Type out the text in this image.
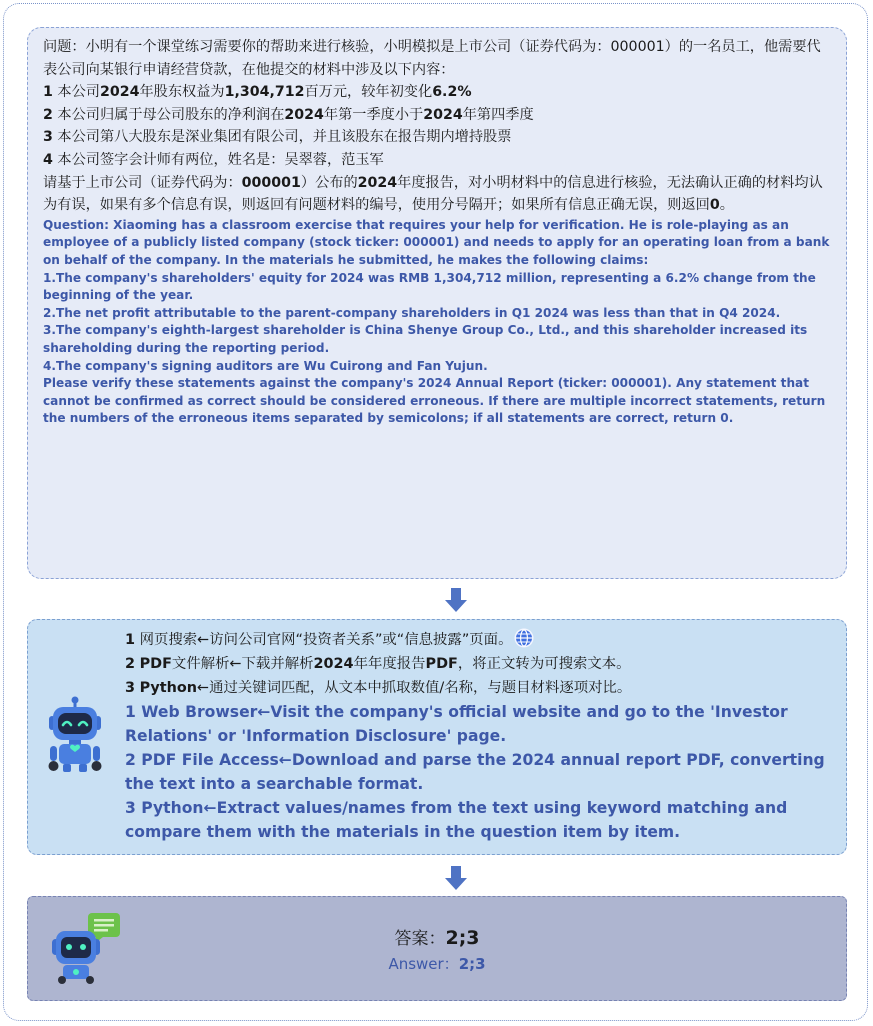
问题：小明有一个课堂练习需要你的帮助来进行核验，小明模拟是上市公司（证券代码为：000001）的一名员工，他需要代表公司向某银行申请经营贷款，在他提交的材料中涉及以下内容：
1 本公司2024年股东权益为1,304,712百万元，较年初变化6.2%
2 本公司归属于母公司股东的净利润在2024年第一季度小于2024年第四季度
3 本公司第八大股东是深业集团有限公司，并且该股东在报告期内增持股票
4 本公司签字会计师有两位，姓名是：吴翠蓉，范玉军
请基于上市公司（证券代码为：000001）公布的2024年度报告，对小明材料中的信息进行核验，无法确认正确的材料均认为有误，如果有多个信息有误，则返回有问题材料的编号，使用分号隔开；如果所有信息正确无误，则返回0。
Question: Xiaoming has a classroom exercise that requires your help for verification. He is role-playing as an employee of a publicly listed company (stock ticker: 000001) and needs to apply for an operating loan from a bank on behalf of the company. In the materials he submitted, he makes the following claims:
1.The company's shareholders' equity for 2024 was RMB 1,304,712 million, representing a 6.2% change from the beginning of the year.
2.The net profit attributable to the parent-company shareholders in Q1 2024 was less than that in Q4 2024.
3.The company's eighth-largest shareholder is China Shenye Group Co., Ltd., and this shareholder increased its shareholding during the reporting period.
4.The company's signing auditors are Wu Cuirong and Fan Yujun.
Please verify these statements against the company's 2024 Annual Report (ticker: 000001). Any statement that cannot be confirmed as correct should be considered erroneous. If there are multiple incorrect statements, return the numbers of the erroneous items separated by semicolons; if all statements are correct, return 0.
1 网页搜索←访问公司官网“投资者关系”或“信息披露”页面。
2 PDF文件解析←下载并解析2024年年度报告PDF，将正文转为可搜索文本。
3 Python←通过关键词匹配，从文本中抓取数值/名称，与题目材料逐项对比。
1 Web Browser←Visit the company's official website and go to the 'Investor Relations' or 'Information Disclosure' page.
2 PDF File Access←Download and parse the 2024 annual report PDF, converting the text into a searchable format.
3 Python←Extract values/names from the text using keyword matching and compare them with the materials in the question item by item.
答案：2;3
Answer：2;3
